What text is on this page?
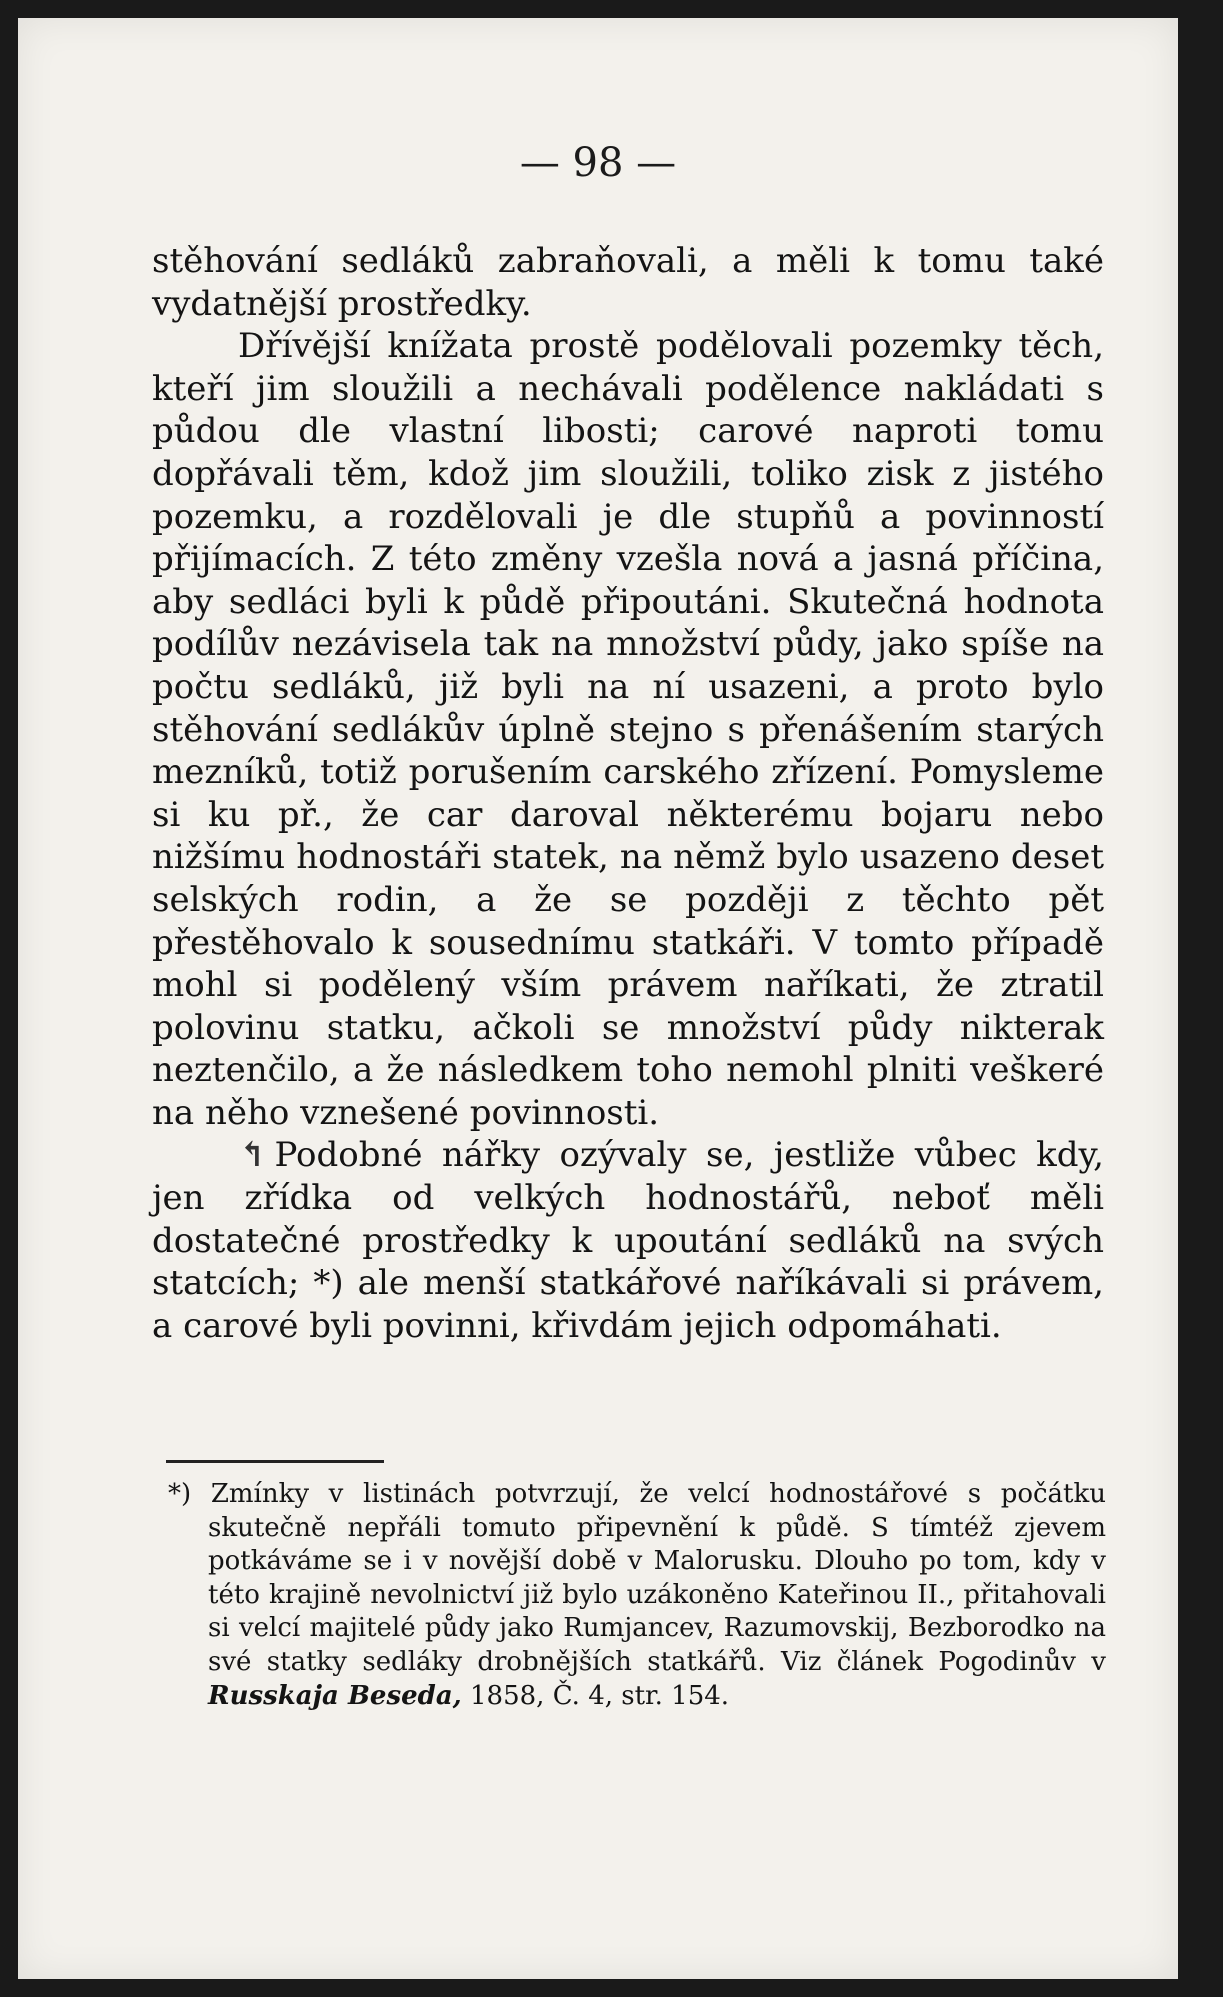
— 98 —

stěhování sedláků zabraňovali, a měli k tomu také vydatnější prostředky.

Dřívější knížata prostě podělovali pozemky těch, kteří jim sloužili a nechávali podělence nakládati s půdou dle vlastní libosti; carové naproti tomu dopřávali těm, kdož jim sloužili, toliko zisk z jistého pozemku, a rozdělovali je dle stupňů a povinností přijímacích. Z této změny vzešla nová a jasná příčina, aby sedláci byli k půdě připoutáni. Skutečná hodnota podílův nezávisela tak na množství půdy, jako spíše na počtu sedláků, již byli na ní usazeni, a proto bylo stěhování sedlákův úplně stejno s přenášením starých mezníků, totiž porušením carského zřízení. Pomysleme si ku př., že car daroval některému bojaru nebo nižšímu hodnostáři statek, na němž bylo usazeno deset selských rodin, a že se později z těchto pět přestěhovalo k sousednímu statkáři. V tomto případě mohl si podělený vším právem naříkati, že ztratil polovinu statku, ačkoli se množství půdy nikterak neztenčilo, a že následkem toho nemohl plniti veškeré na něho vznešené povinnosti.

↰ Podobné nářky ozývaly se, jestliže vůbec kdy, jen zřídka od velkých hodnostářů, neboť měli dostatečné prostředky k upoutání sedláků na svých statcích; *) ale menší statkářové naříkávali si právem, a carové byli povinni, křivdám jejich odpomáhati.

*) Zmínky v listinách potvrzují, že velcí hodnostářové s počátku skutečně nepřáli tomuto připevnění k půdě. S tímtéž zjevem potkáváme se i v novější době v Malorusku. Dlouho po tom, kdy v této krajině nevolnictví již bylo uzákoněno Kateřinou II., přitahovali si velcí majitelé půdy jako Rumjancev, Razumovskij, Bezborodko na své statky sedláky drobnějších statkářů. Viz článek Pogodinův v Russkaja Beseda, 1858, Č. 4, str. 154.
